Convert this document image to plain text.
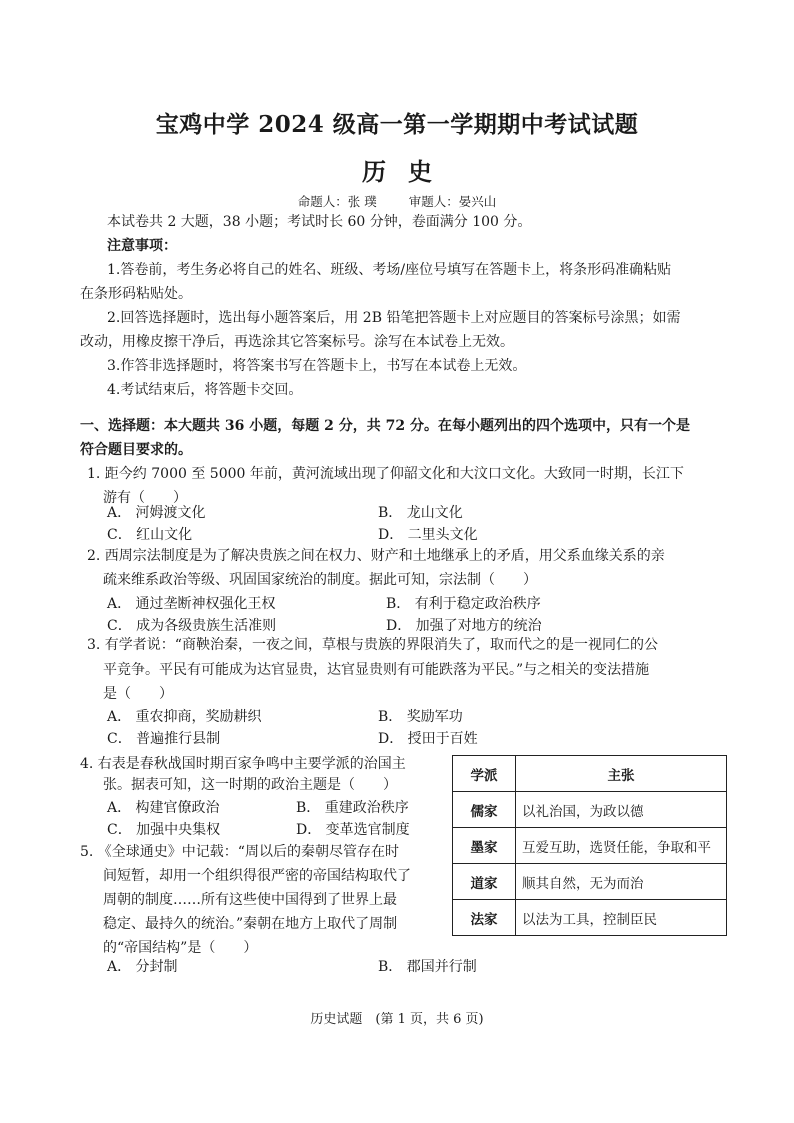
宝鸡中学 2024 级高一第一学期期中考试试题
历史
命题人：张 璞	审题人：晏兴山
本试卷共 2 大题，38 小题；考试时长 60 分钟，卷面满分 100 分。
注意事项：
1.答卷前，考生务必将自己的姓名、班级、考场/座位号填写在答题卡上，将条形码准确粘贴
在条形码粘贴处。
2.回答选择题时，选出每小题答案后，用 2B 铅笔把答题卡上对应题目的答案标号涂黑；如需
改动，用橡皮擦干净后，再选涂其它答案标号。涂写在本试卷上无效。
3.作答非选择题时，将答案书写在答题卡上，书写在本试卷上无效。
4.考试结束后，将答题卡交回。
一、选择题：本大题共 36 小题，每题 2 分，共 72 分。在每小题列出的四个选项中，只有一个是
符合题目要求的。
1. 距今约 7000 至 5000 年前，黄河流域出现了仰韶文化和大汶口文化。大致同一时期，长江下
游有（　　）
A． 河姆渡文化	B． 龙山文化
C． 红山文化	D． 二里头文化
2. 西周宗法制度是为了解决贵族之间在权力、财产和土地继承上的矛盾，用父系血缘关系的亲
疏来维系政治等级、巩固国家统治的制度。据此可知，宗法制（　　）
A． 通过垄断神权强化王权	B． 有利于稳定政治秩序
C． 成为各级贵族生活准则	D． 加强了对地方的统治
3. 有学者说：“商鞅治秦，一夜之间，草根与贵族的界限消失了，取而代之的是一视同仁的公
平竞争。平民有可能成为达官显贵，达官显贵则有可能跌落为平民。”与之相关的变法措施
是（　　）
A． 重农抑商，奖励耕织	B． 奖励军功
C． 普遍推行县制	D． 授田于百姓
4. 右表是春秋战国时期百家争鸣中主要学派的治国主
张。据表可知，这一时期的政治主题是（　　）
A． 构建官僚政治	B． 重建政治秩序
C． 加强中央集权	D． 变革选官制度
学派	主张
儒家	以礼治国，为政以德
墨家	互爱互助，选贤任能，争取和平
道家	顺其自然，无为而治
法家	以法为工具，控制臣民
5. 《全球通史》中记载：“周以后的秦朝尽管存在时
间短暂，却用一个组织得很严密的帝国结构取代了
周朝的制度……所有这些使中国得到了世界上最
稳定、最持久的统治。”秦朝在地方上取代了周制
的“帝国结构”是（　　）
A． 分封制	B． 郡国并行制
历史试题　(第 1 页，共 6 页)
